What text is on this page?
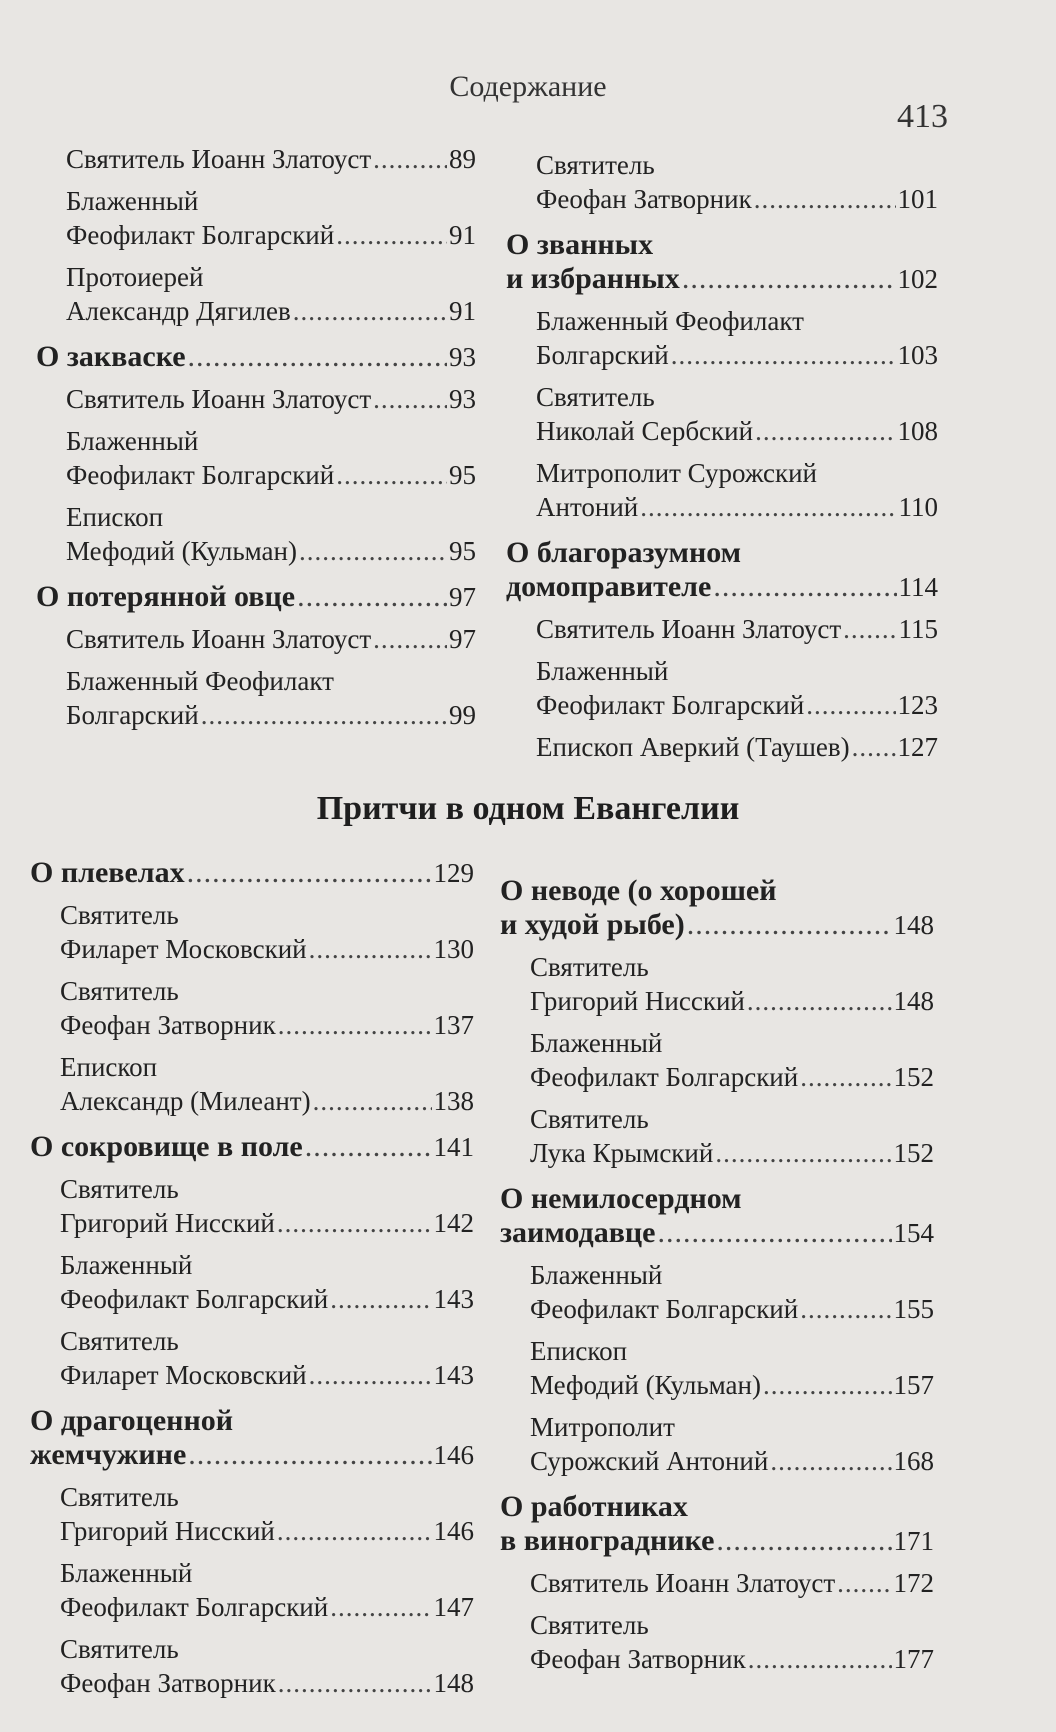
Содержание
413
Святитель Иоанн Златоуст .....	89
Блаженный
Феофилакт Болгарский .....	91
Протоиерей
Александр Дягилев .....	91
О закваске .....	93
Святитель Иоанн Златоуст .....	93
Блаженный
Феофилакт Болгарский .....	95
Епископ
Мефодий (Кульман) .....	95
О потерянной овце .....	97
Святитель Иоанн Златоуст .....	97
Блаженный Феофилакт
Болгарский .....	99
Святитель
Феофан Затворник .....	101
О званных
и избранных .....	102
Блаженный Феофилакт
Болгарский .....	103
Святитель
Николай Сербский .....	108
Митрополит Сурожский
Антоний .....	110
О благоразумном
домоправителе .....	114
Святитель Иоанн Златоуст ..... 115
Блаженный
Феофилакт Болгарский .....	123
Епископ Аверкий (Таушев) ..... 127
Притчи в одном Евангелии
О плевелах .....	129
Святитель
Филарет Московский .....	130
Святитель
Феофан Затворник .....	137
Епископ
Александр (Милеант) .....	138
О сокровище в поле .....	141
Святитель
Григорий Нисский .....	142
Блаженный
Феофилакт Болгарский .....	143
Святитель
Филарет Московский .....	143
О драгоценной
жемчужине .....	146
Святитель
Григорий Нисский .....	146
Блаженный
Феофилакт Болгарский .....	147
Святитель
Феофан Затворник .....	148
О неводе (о хорошей
и худой рыбе) .....	148
Святитель
Григорий Нисский .....	148
Блаженный
Феофилакт Болгарский .....	152
Святитель
Лука Крымский .....	152
О немилосердном
заимодавце .....	154
Блаженный
Феофилакт Болгарский .....	155
Епископ
Мефодий (Кульман) .....	157
Митрополит
Сурожский Антоний .....	168
О работниках
в винограднике .....	171
Святитель Иоанн Златоуст ..... 172
Святитель
Феофан Затворник .....	177
